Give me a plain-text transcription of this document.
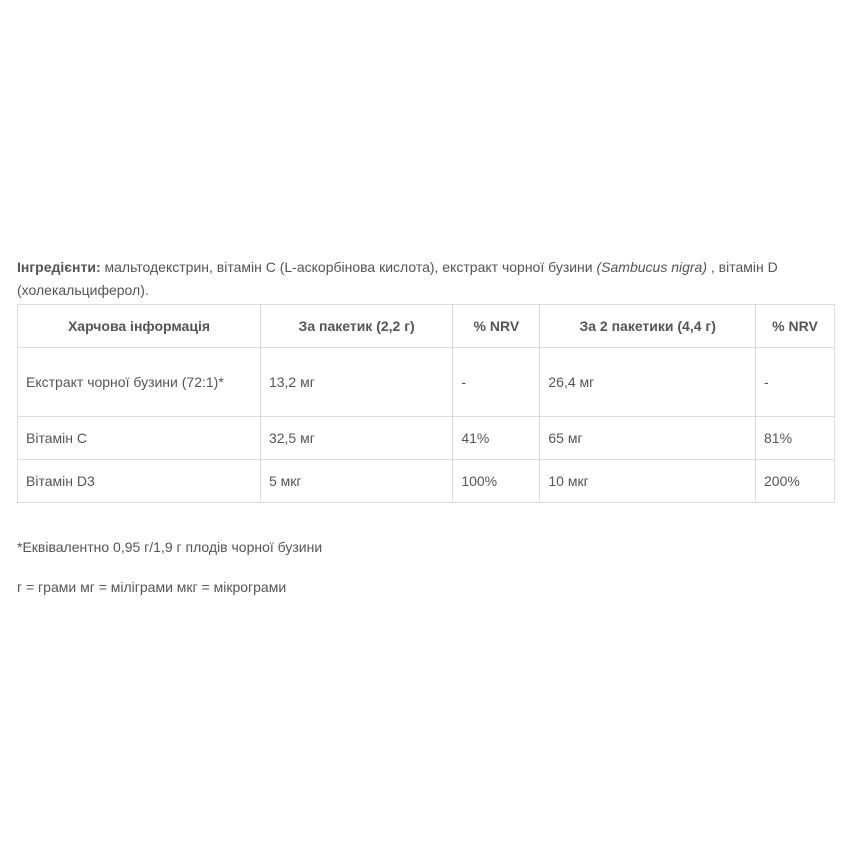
Інгредієнти: мальтодекстрин, вітамін С (L-аскорбінова кислота), екстракт чорної бузини (Sambucus nigra) , вітамін D (холекальциферол).

Харчова інформація	За пакетик (2,2 г)	% NRV	За 2 пакетики (4,4 г)	% NRV
Екстракт чорної бузини (72:1)*	13,2 мг	-	26,4 мг	-
Вітамін С	32,5 мг	41%	65 мг	81%
Вітамін D3	5 мкг	100%	10 мкг	200%
*Еквівалентно 0,95 г/1,9 г плодів чорної бузини
г = грами мг = міліграми мкг = мікрограми
